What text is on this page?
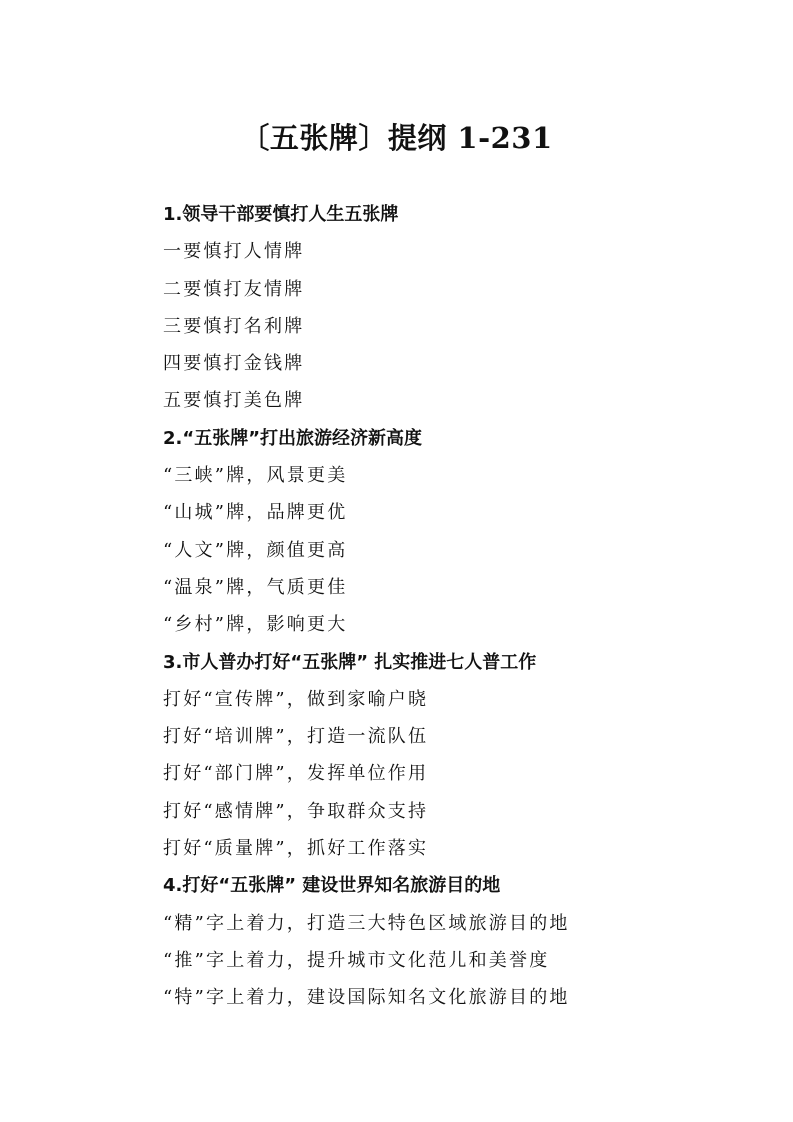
〔五张牌〕提纲 1-231
1.领导干部要慎打人生五张牌
一要慎打人情牌
二要慎打友情牌
三要慎打名利牌
四要慎打金钱牌
五要慎打美色牌
2.“五张牌”打出旅游经济新高度
“三峡”牌，风景更美
“山城”牌，品牌更优
“人文”牌，颜值更高
“温泉”牌，气质更佳
“乡村”牌，影响更大
3.市人普办打好“五张牌” 扎实推进七人普工作
打好“宣传牌”，做到家喻户晓
打好“培训牌”，打造一流队伍
打好“部门牌”，发挥单位作用
打好“感情牌”，争取群众支持
打好“质量牌”，抓好工作落实
4.打好“五张牌” 建设世界知名旅游目的地
“精”字上着力，打造三大特色区域旅游目的地
“推”字上着力，提升城市文化范儿和美誉度
“特”字上着力，建设国际知名文化旅游目的地
